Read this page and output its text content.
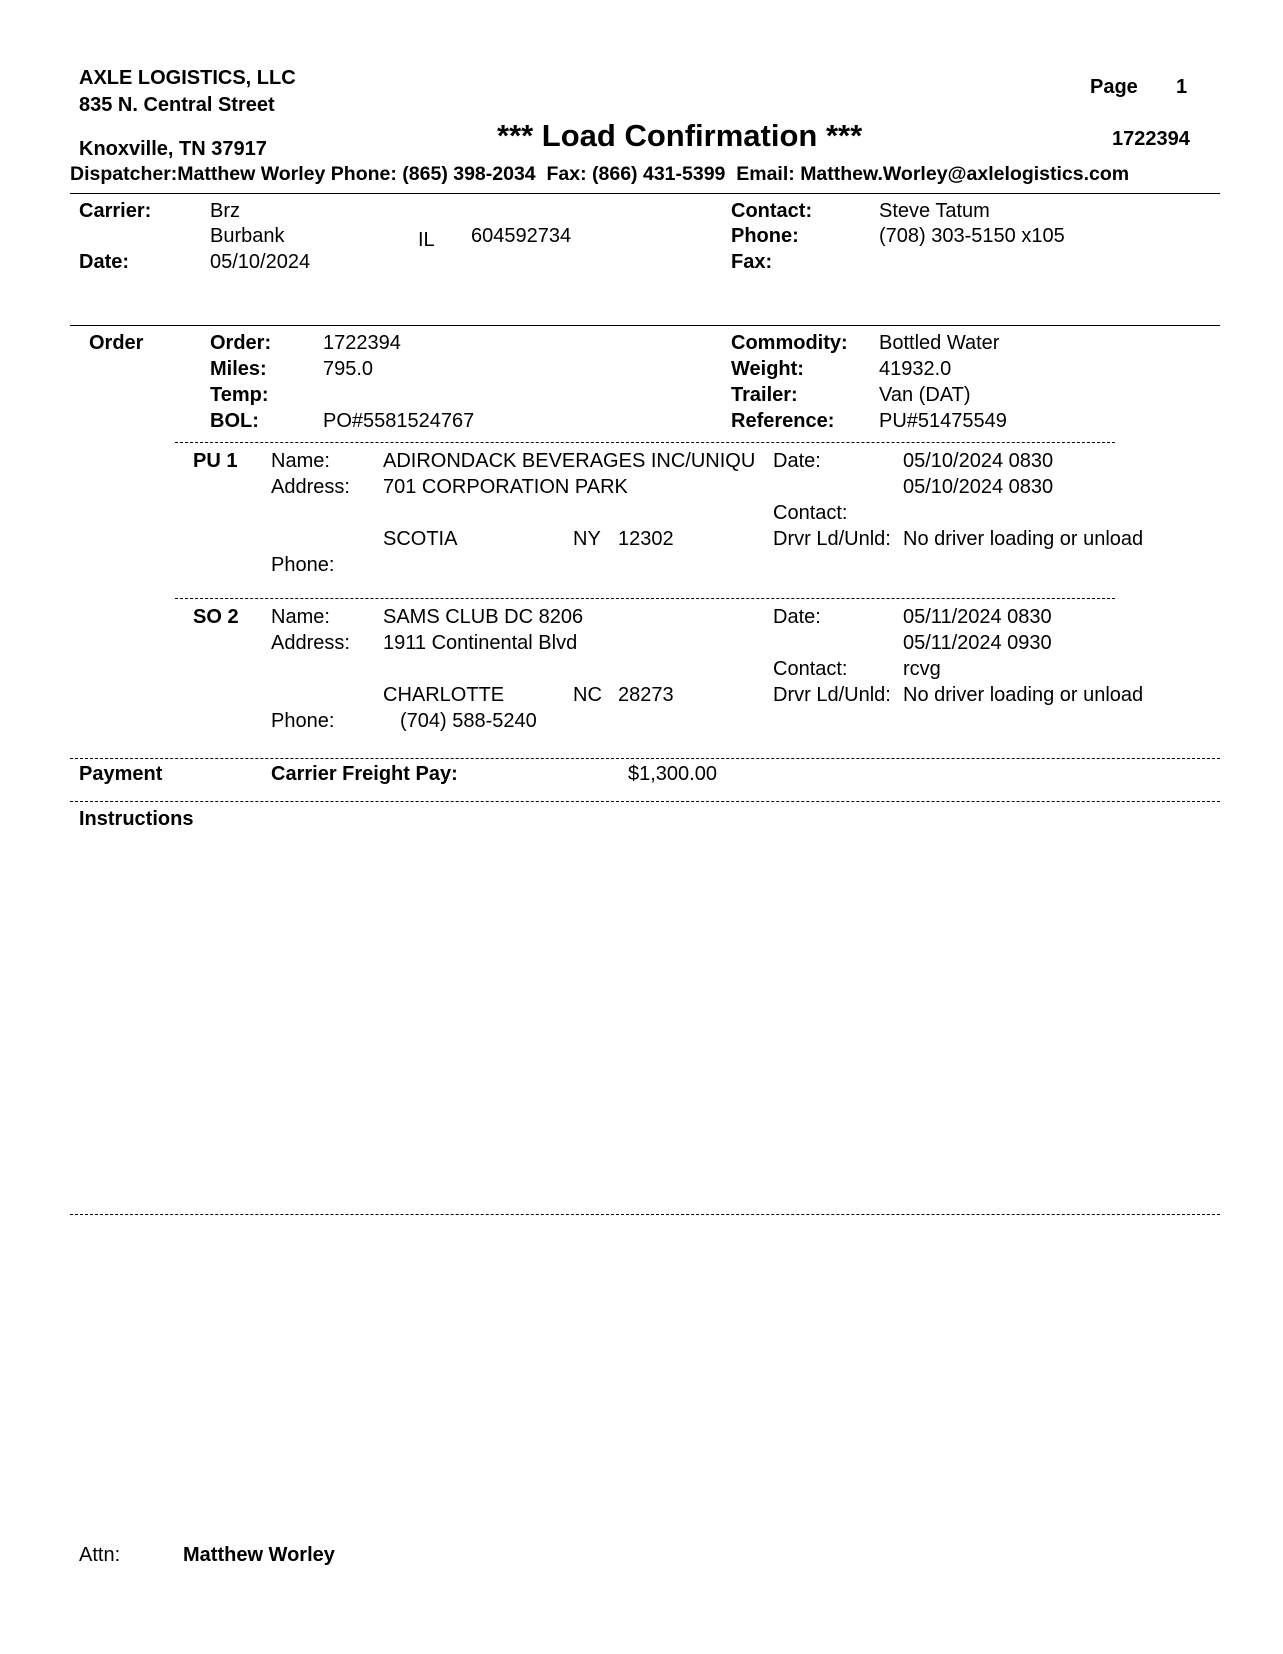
AXLE LOGISTICS, LLC
835 N. Central Street
Knoxville, TN 37917	*** Load Confirmation ***
Page 1
1722394
Dispatcher:Matthew Worley Phone: (865) 398-2034 Fax: (866) 431-5399 Email: Matthew.Worley@axlelogistics.com
Carrier:	Brz
Burbank	IL 604592734
Date:	05/10/2024
Contact:	Steve Tatum
Phone:	(708) 303-5150 x105
Fax:
Order	Order:	1722394
Miles:	795.0
Temp:
BOL:	PO#5581524767
Commodity: Bottled Water
Weight:	41932.0
Trailer:	Van (DAT)
Reference: PU#51475549
PU 1 Name:	ADIRONDACK BEVERAGES INC/UNIQU
Address: 701 CORPORATION PARK
SCOTIA	NY 12302
Phone:
Date:	05/10/2024 0830
05/10/2024 0830
Contact:
Drvr Ld/Unld: No driver loading or unload
SO 2 Name:	SAMS CLUB DC 8206
Address: 1911 Continental Blvd
CHARLOTTE	NC 28273
Phone:	(704) 588-5240
Date:	05/11/2024 0830
05/11/2024 0930
Contact:	rcvg
Drvr Ld/Unld: No driver loading or unload
Payment	Carrier Freight Pay:	$1,300.00
Instructions
Attn:	Matthew Worley
